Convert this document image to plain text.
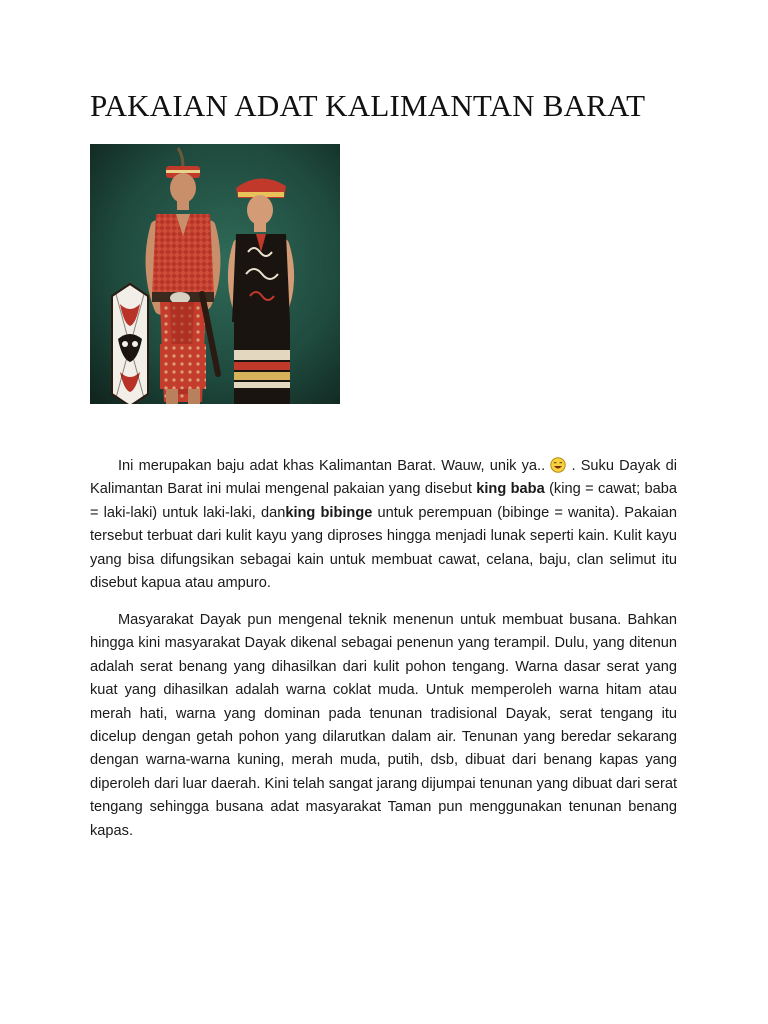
PAKAIAN ADAT KALIMANTAN BARAT

Ini merupakan baju adat khas Kalimantan Barat. Wauw, unik ya..
. Suku Dayak di Kalimantan Barat ini mulai mengenal pakaian yang disebut king baba (king = cawat; baba = laki-laki) untuk laki-laki, danking bibinge untuk perempuan (bibinge = wanita). Pakaian tersebut terbuat dari kulit kayu yang diproses hingga menjadi lunak seperti kain. Kulit kayu yang bisa difungsikan sebagai kain untuk membuat cawat, celana, baju, clan selimut itu disebut kapua atau ampuro.

Masyarakat Dayak pun mengenal teknik menenun untuk membuat busana. Bahkan hingga kini masyarakat Dayak dikenal sebagai penenun yang terampil. Dulu, yang ditenun adalah serat benang yang dihasilkan dari kulit pohon tengang. Warna dasar serat yang kuat yang dihasilkan adalah warna coklat muda. Untuk memperoleh warna hitam atau merah hati, warna yang dominan pada tenunan tradisional Dayak, serat tengang itu dicelup dengan getah pohon yang dilarutkan dalam air. Tenunan yang beredar sekarang dengan warna-warna kuning, merah muda, putih, dsb, dibuat dari benang kapas yang diperoleh dari luar daerah. Kini telah sangat jarang dijumpai tenunan yang dibuat dari serat tengang sehingga busana adat masyarakat Taman pun menggunakan tenunan benang kapas.
